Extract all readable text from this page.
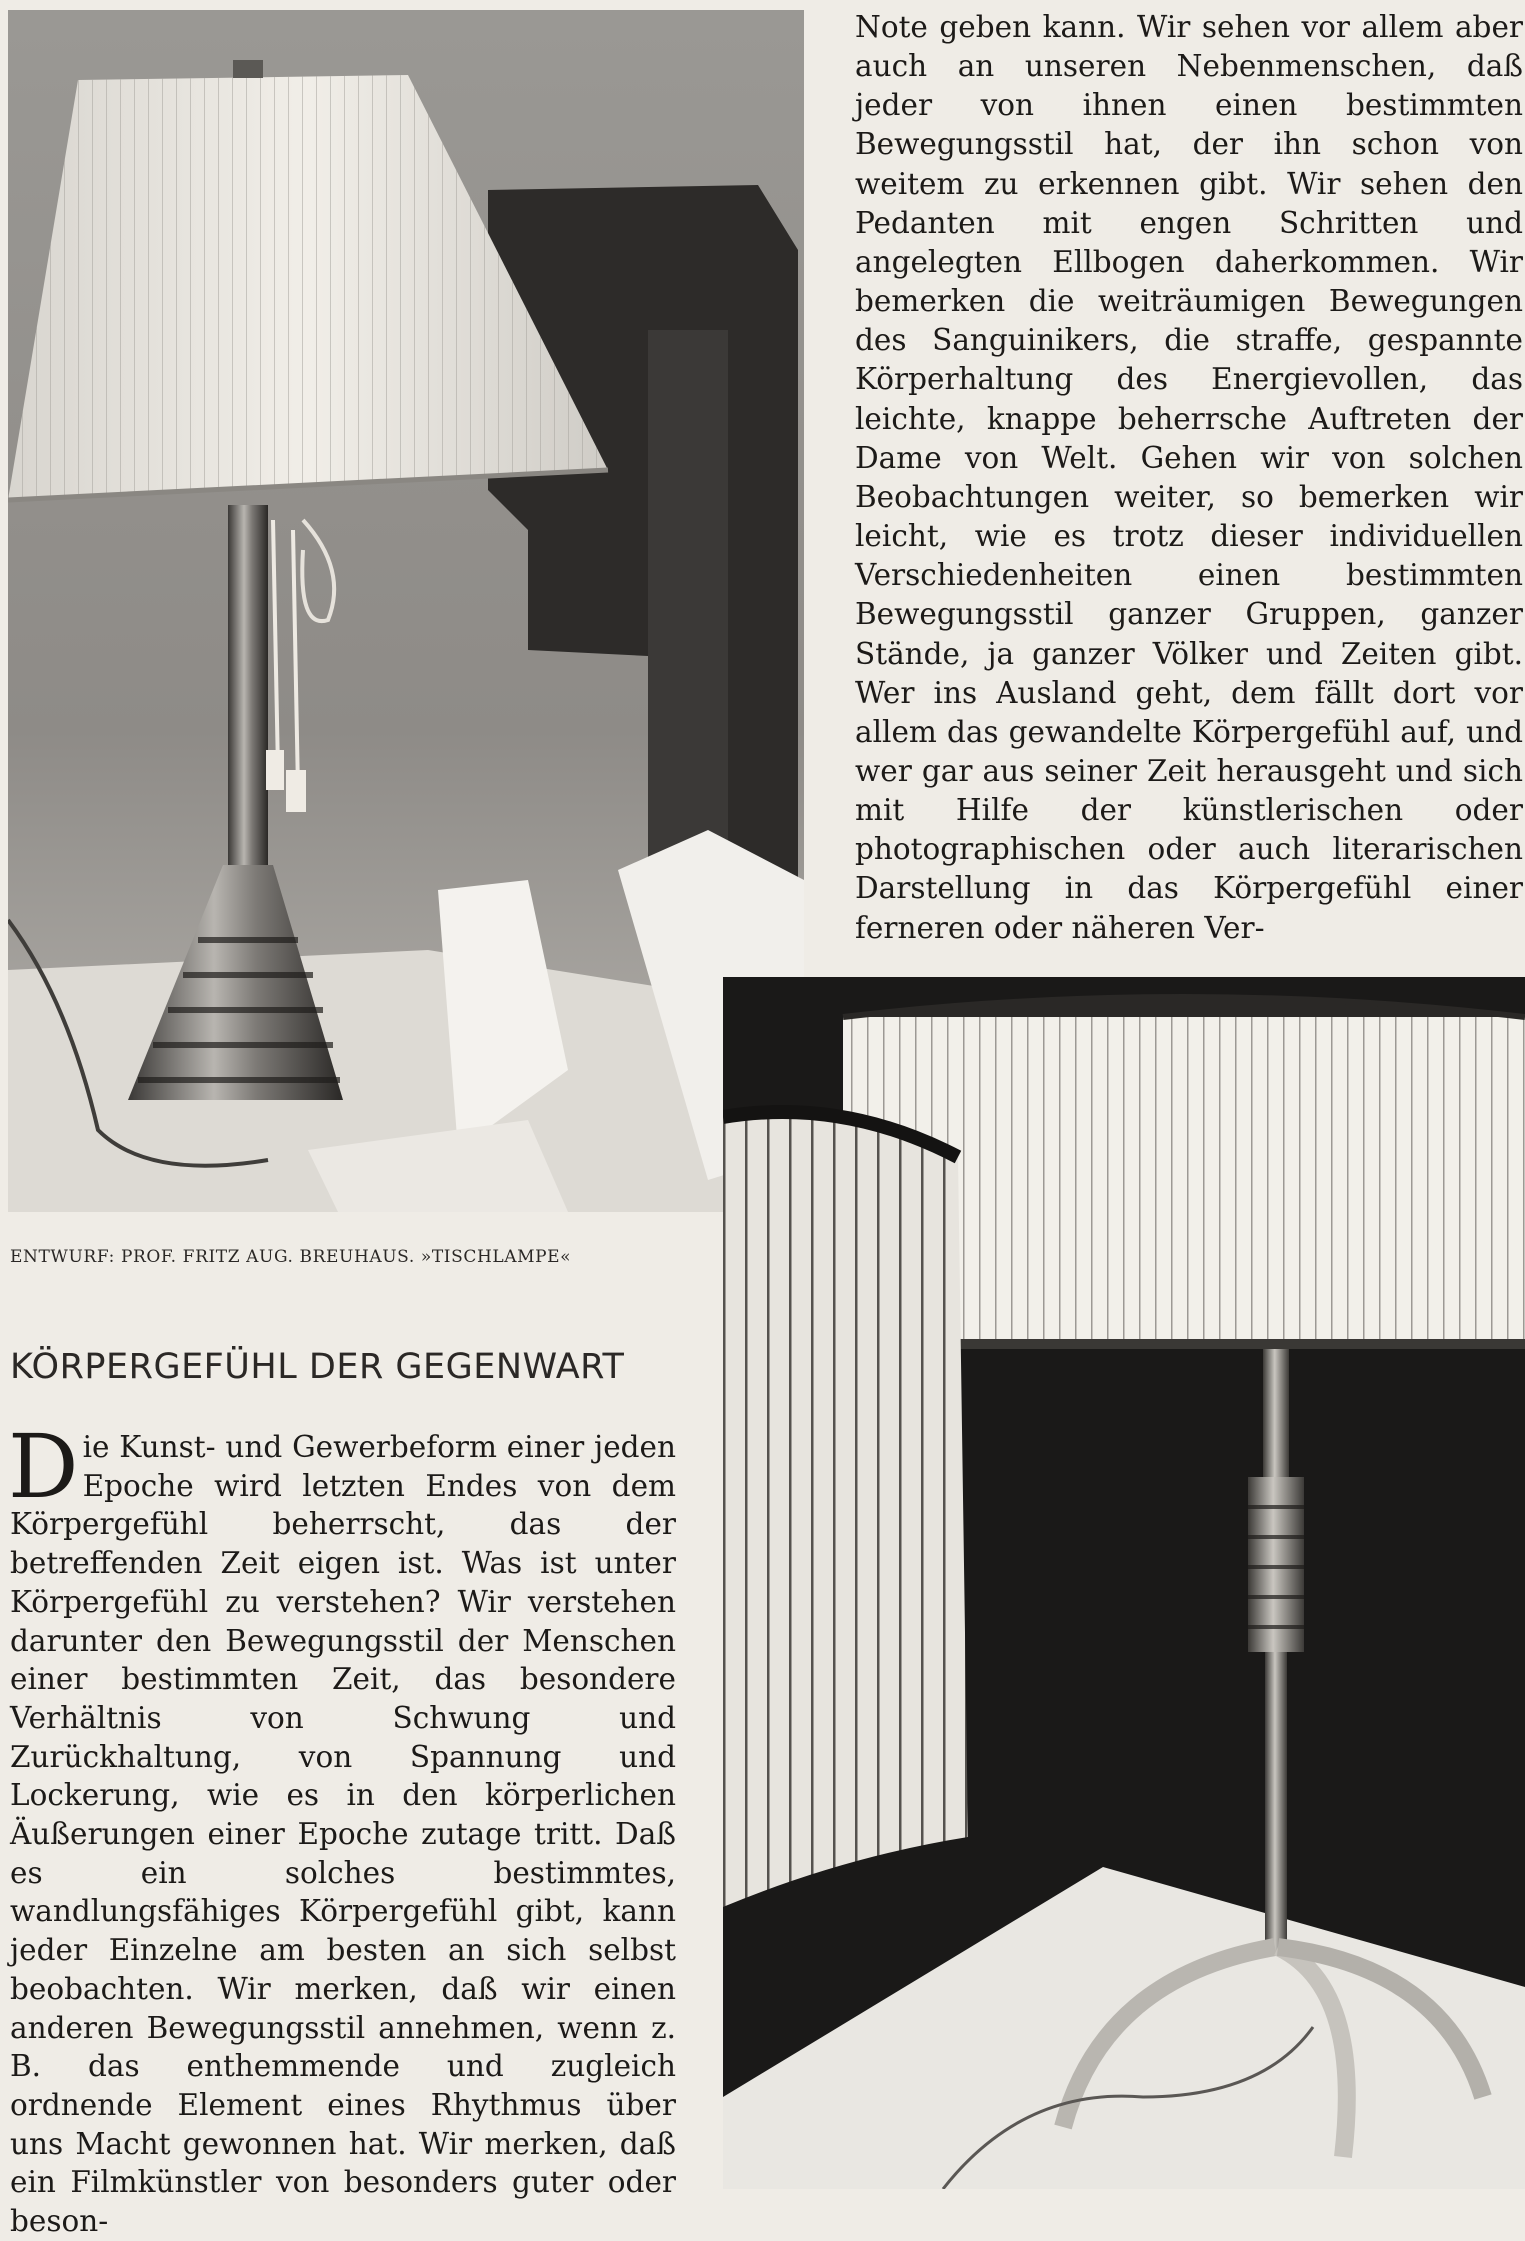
Note geben kann. Wir sehen vor allem aber auch an unseren Nebenmenschen, daß jeder von ihnen einen bestimmten Bewegungsstil hat, der ihn schon von weitem zu erkennen gibt. Wir sehen den Pedanten mit engen Schritten und angelegten Ellbogen daherkommen. Wir bemerken die weiträumigen Bewegungen des Sanguinikers, die straffe, gespannte Körperhaltung des Energievollen, das leichte, knappe beherrsche Auftreten der Dame von Welt. Gehen wir von solchen Beobachtungen weiter, so bemerken wir leicht, wie es trotz dieser individuellen Verschiedenheiten einen bestimmten Bewegungsstil ganzer Gruppen, ganzer Stände, ja ganzer Völker und Zeiten gibt. Wer ins Ausland geht, dem fällt dort vor allem das gewandelte Körpergefühl auf, und wer gar aus seiner Zeit herausgeht und sich mit Hilfe der künstlerischen oder photographischen oder auch literarischen Darstellung in das Körpergefühl einer ferneren oder näheren Ver-

ENTWURF: PROF. FRITZ AUG. BREUHAUS. »TISCHLAMPE«
KÖRPERGEFÜHL DER GEGENWART

D ie Kunst- und Gewerbeform einer jeden Epoche wird letzten Endes von dem Körpergefühl beherrscht, das der betreffenden Zeit eigen ist. Was ist unter Körpergefühl zu verstehen? Wir verstehen darunter den Bewegungsstil der Menschen einer bestimmten Zeit, das besondere Verhältnis von Schwung und Zurückhaltung, von Spannung und Lockerung, wie es in den körperlichen Äußerungen einer Epoche zutage tritt. Daß es ein solches bestimmtes, wandlungsfähiges Körpergefühl gibt, kann jeder Einzelne am besten an sich selbst beobachten. Wir merken, daß wir einen anderen Bewegungsstil annehmen, wenn z. B. das enthemmende und zugleich ordnende Element eines Rhythmus über uns Macht gewonnen hat. Wir merken, daß ein Filmkünstler von besonders guter oder beson-
